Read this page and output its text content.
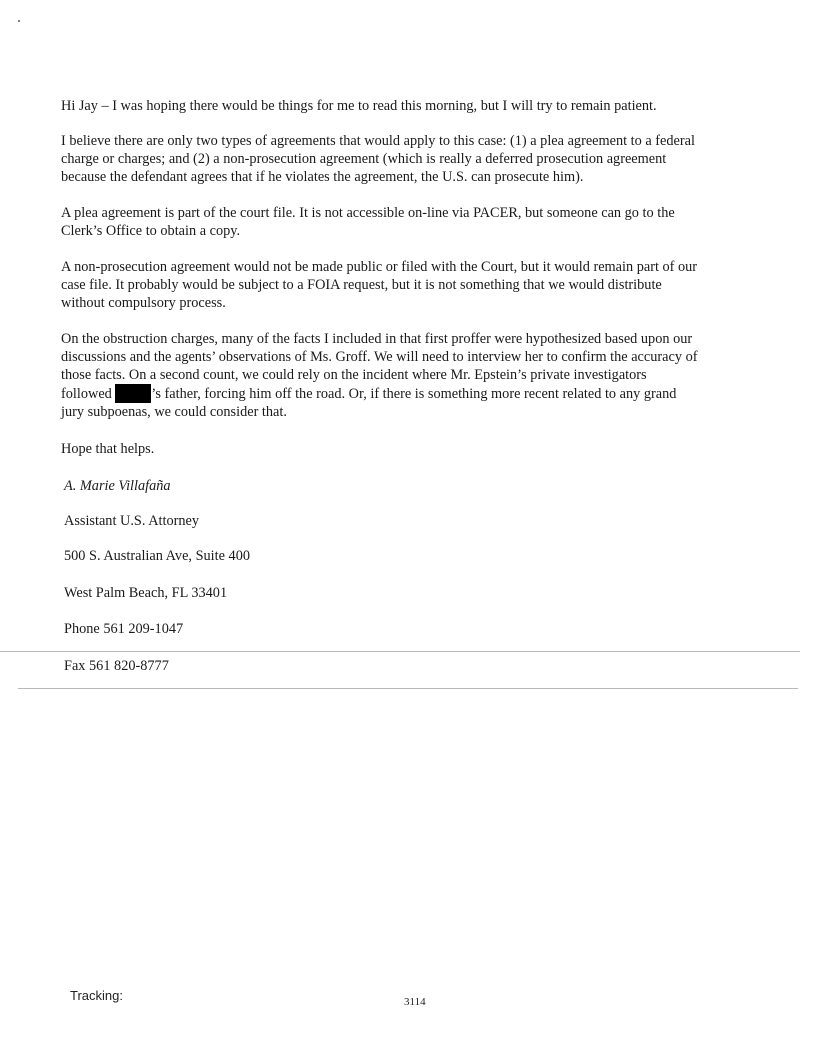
Hi Jay – I was hoping there would be things for me to read this morning, but I will try to remain patient.

I believe there are only two types of agreements that would apply to this case: (1) a plea agreement to a federal
charge or charges; and (2) a non-prosecution agreement (which is really a deferred prosecution agreement
because the defendant agrees that if he violates the agreement, the U.S. can prosecute him).

A plea agreement is part of the court file. It is not accessible on-line via PACER, but someone can go to the
Clerk’s Office to obtain a copy.

A non-prosecution agreement would not be made public or filed with the Court, but it would remain part of our
case file. It probably would be subject to a FOIA request, but it is not something that we would distribute
without compulsory process.

On the obstruction charges, many of the facts I included in that first proffer were hypothesized based upon our
discussions and the agents’ observations of Ms. Groff. We will need to interview her to confirm the accuracy of
those facts. On a second count, we could rely on the incident where Mr. Epstein’s private investigators
followed	’s father, forcing him off the road. Or, if there is something more recent related to any grand
jury subpoenas, we could consider that.

Hope that helps.

A. Marie Villafaña

Assistant U.S. Attorney

500 S. Australian Ave, Suite 400

West Palm Beach, FL 33401

Phone 561 209-1047

Fax 561 820-8777

Tracking:	3114
